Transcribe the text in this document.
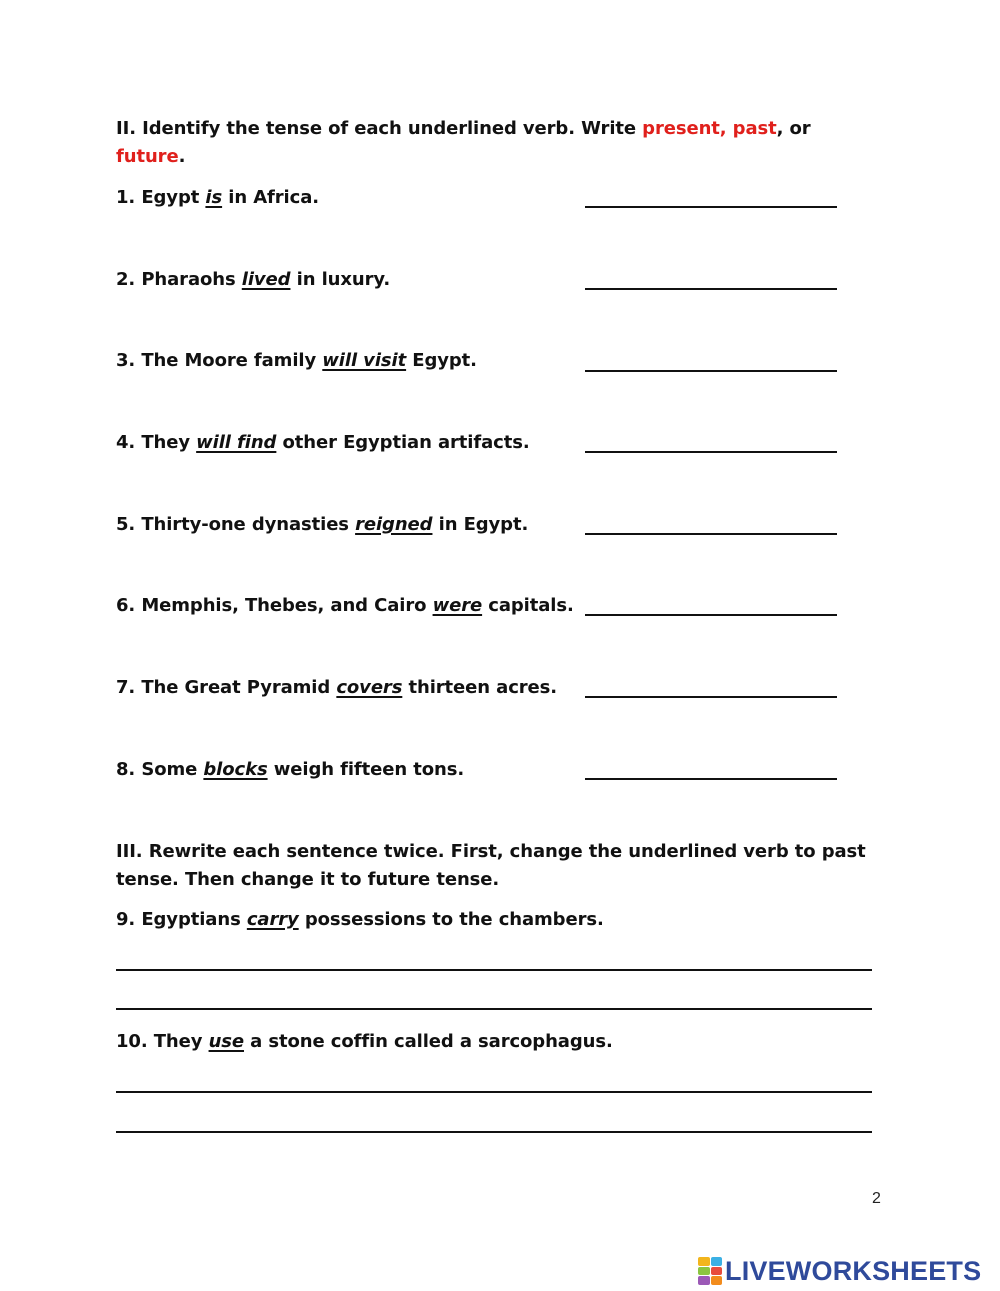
II. Identify the tense of each underlined verb. Write present, past, or
future.
1. Egypt is in Africa.
2. Pharaohs lived in luxury.
3. The Moore family will visit Egypt.
4. They will find other Egyptian artifacts.
5. Thirty-one dynasties reigned in Egypt.
6. Memphis, Thebes, and Cairo were capitals.
7. The Great Pyramid covers thirteen acres.
8. Some blocks weigh fifteen tons.
III. Rewrite each sentence twice. First, change the underlined verb to past
tense. Then change it to future tense.
9. Egyptians carry possessions to the chambers.
10. They use a stone coffin called a sarcophagus.
2
LIVEWORKSHEETS
